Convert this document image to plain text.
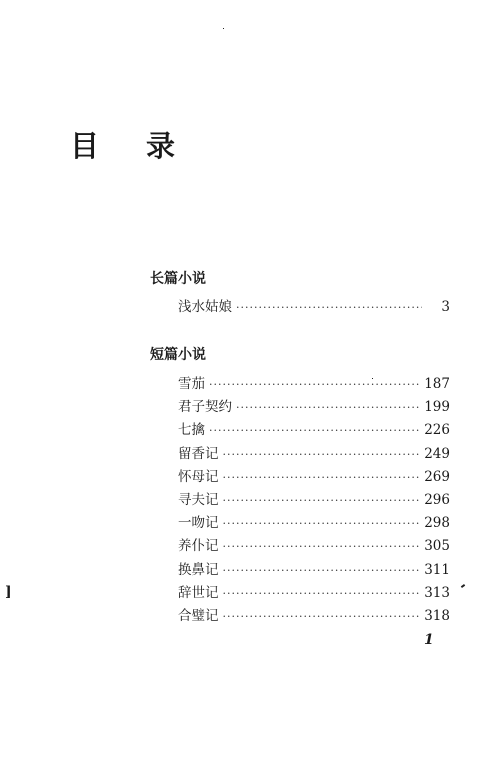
目 录
长篇小说
浅水姑娘 ·····	3
短篇小说
雪茄 ·····	187
君子契约 ·····	199
七擒 ·····	226
留香记 ·····	249
怀母记 ·····	269
寻夫记 ·····	296
一吻记 ·····	298
养仆记 ·····	305
换鼻记 ·····	311
辞世记 ·····	313
合璧记 ·····	318
1
]
